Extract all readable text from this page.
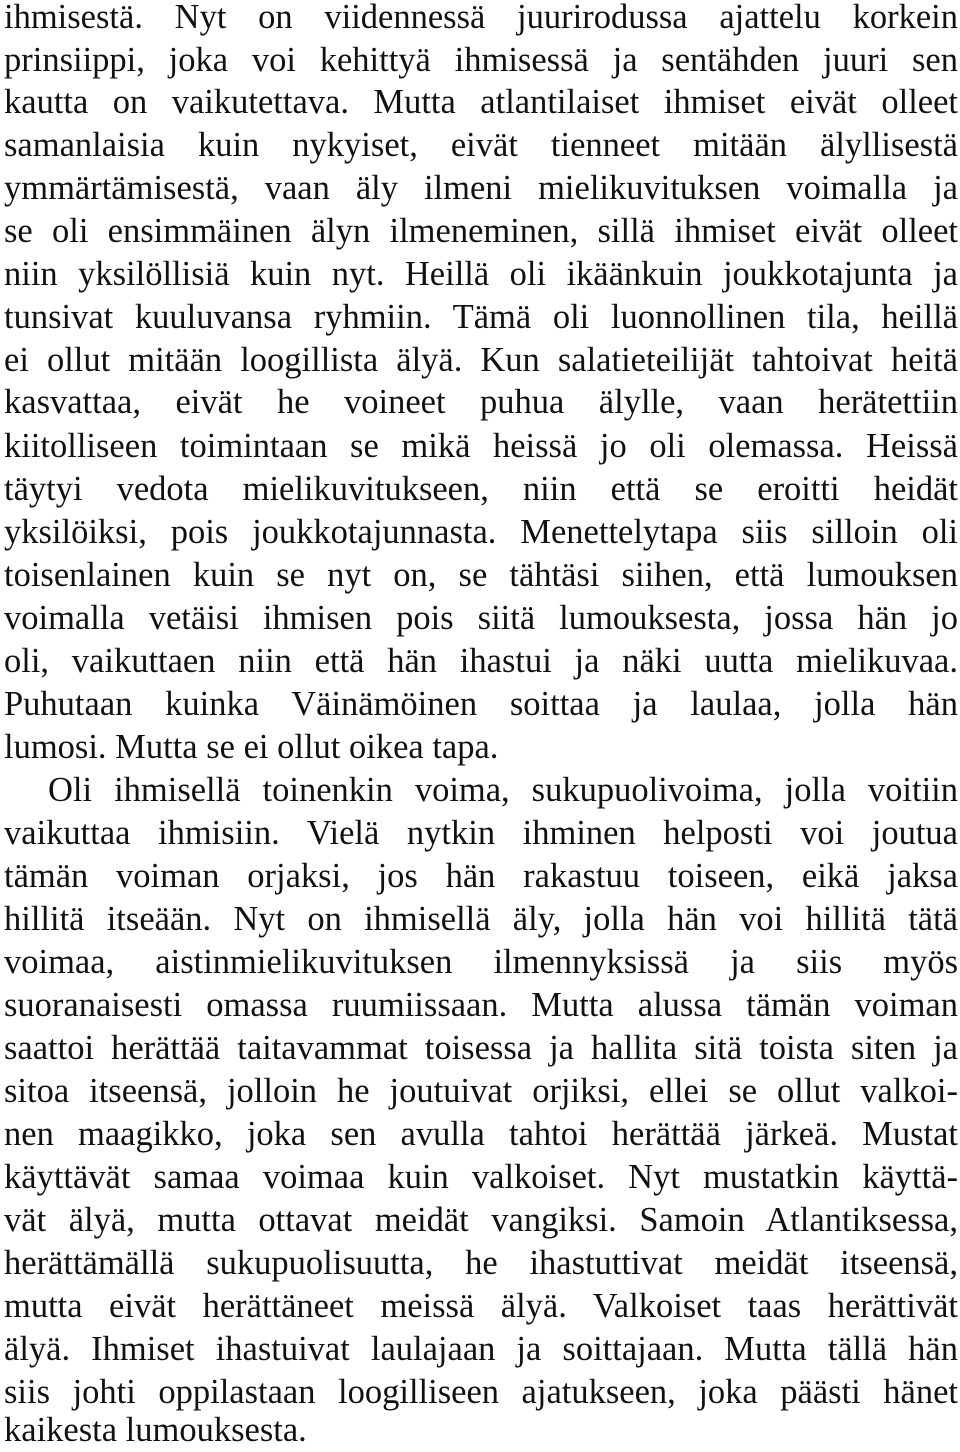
ihmisestä. Nyt on viidennessä juurirodussa ajattelu korkein
prinsiippi, joka voi kehittyä ihmisessä ja sentähden juuri sen
kautta on vaikutettava. Mutta atlantilaiset ihmiset eivät olleet
samanlaisia kuin nykyiset, eivät tienneet mitään älyllisestä
ymmärtämisestä, vaan äly ilmeni mielikuvituksen voimalla ja
se oli ensimmäinen älyn ilmeneminen, sillä ihmiset eivät olleet
niin yksilöllisiä kuin nyt. Heillä oli ikäänkuin joukkotajunta ja
tunsivat kuuluvansa ryhmiin. Tämä oli luonnollinen tila, heillä
ei ollut mitään loogillista älyä. Kun salatieteilijät tahtoivat heitä
kasvattaa, eivät he voineet puhua älylle, vaan herätettiin
kiitolliseen toimintaan se mikä heissä jo oli olemassa. Heissä
täytyi vedota mielikuvitukseen, niin että se eroitti heidät
yksilöiksi, pois joukkotajunnasta. Menettelytapa siis silloin oli
toisenlainen kuin se nyt on, se tähtäsi siihen, että lumouksen
voimalla vetäisi ihmisen pois siitä lumouksesta, jossa hän jo
oli, vaikuttaen niin että hän ihastui ja näki uutta mielikuvaa.
Puhutaan kuinka Väinämöinen soittaa ja laulaa, jolla hän
lumosi. Mutta se ei ollut oikea tapa.
Oli ihmisellä toinenkin voima, sukupuolivoima, jolla voitiin
vaikuttaa ihmisiin. Vielä nytkin ihminen helposti voi joutua
tämän voiman orjaksi, jos hän rakastuu toiseen, eikä jaksa
hillitä itseään. Nyt on ihmisellä äly, jolla hän voi hillitä tätä
voimaa, aistinmielikuvituksen ilmennyksissä ja siis myös
suoranaisesti omassa ruumiissaan. Mutta alussa tämän voiman
saattoi herättää taitavammat toisessa ja hallita sitä toista siten ja
sitoa itseensä, jolloin he joutuivat orjiksi, ellei se ollut valkoi-
nen maagikko, joka sen avulla tahtoi herättää järkeä. Mustat
käyttävät samaa voimaa kuin valkoiset. Nyt mustatkin käyttä-
vät älyä, mutta ottavat meidät vangiksi. Samoin Atlantiksessa,
herättämällä sukupuolisuutta, he ihastuttivat meidät itseensä,
mutta eivät herättäneet meissä älyä. Valkoiset taas herättivät
älyä. Ihmiset ihastuivat laulajaan ja soittajaan. Mutta tällä hän
siis johti oppilastaan loogilliseen ajatukseen, joka päästi hänet
kaikesta lumouksesta.
